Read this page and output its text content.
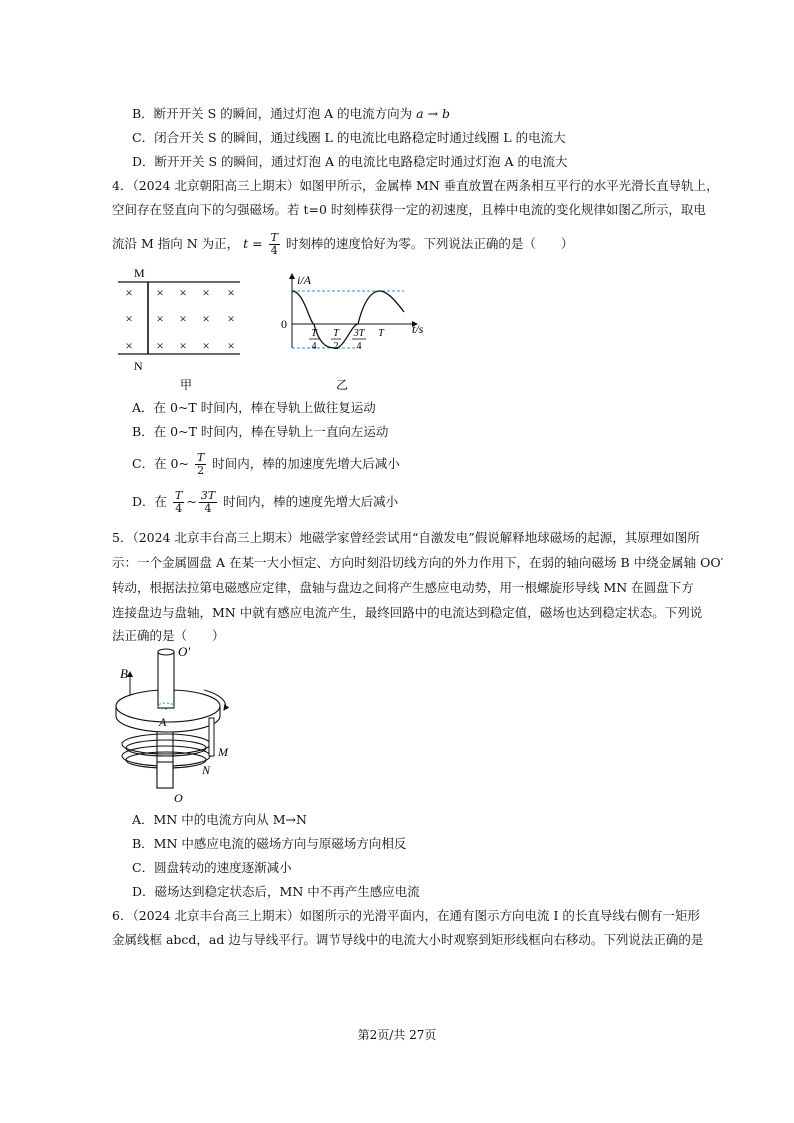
B．断开开关 S 的瞬间，通过灯泡 A 的电流方向为 a → b
C．闭合开关 S 的瞬间，通过线圈 L 的电流比电路稳定时通过线圈 L 的电流大
D．断开开关 S 的瞬间，通过灯泡 A 的电流比电路稳定时通过灯泡 A 的电流大
4．（2024 北京朝阳高三上期末）如图甲所示，金属棒 MN 垂直放置在两条相互平行的水平光滑长直导轨上，
空间存在竖直向下的匀强磁场。若 t=0 时刻棒获得一定的初速度，且棒中电流的变化规律如图乙所示，取电
流沿 M 指向 N 为正， $t = \frac{T}{4}$ 时刻棒的速度恰好为零。下列说法正确的是（　　）
M
N
× × × × ×
× × × × ×
× × × × ×
甲
i/A
t/s
0
T
4
T
2
3T
4
T
乙
A．在 0~T 时间内，棒在导轨上做往复运动
B．在 0~T 时间内，棒在导轨上一直向左运动
C．在 0~ $\frac{T}{2}$ 时间内，棒的加速度先增大后减小
D．在 $\frac{T}{4}$ ~ $\frac{3T}{4}$ 时间内，棒的速度先增大后减小
5．（2024 北京丰台高三上期末）地磁学家曾经尝试用“自激发电”假说解释地球磁场的起源，其原理如图所
示：一个金属圆盘 A 在某一大小恒定、方向时刻沿切线方向的外力作用下，在弱的轴向磁场 B 中绕金属轴 OO′
转动，根据法拉第电磁感应定律，盘轴与盘边之间将产生感应电动势，用一根螺旋形导线 MN 在圆盘下方
连接盘边与盘轴，MN 中就有感应电流产生，最终回路中的电流达到稳定值，磁场也达到稳定状态。下列说
法正确的是（　　）
B
O′
A
M
N
O
A．MN 中的电流方向从 M→N
B．MN 中感应电流的磁场方向与原磁场方向相反
C．圆盘转动的速度逐渐减小
D．磁场达到稳定状态后，MN 中不再产生感应电流
6．（2024 北京丰台高三上期末）如图所示的光滑平面内，在通有图示方向电流 I 的长直导线右侧有一矩形
金属线框 abcd，ad 边与导线平行。调节导线中的电流大小时观察到矩形线框向右移动。下列说法正确的是
第2页/共 27页
